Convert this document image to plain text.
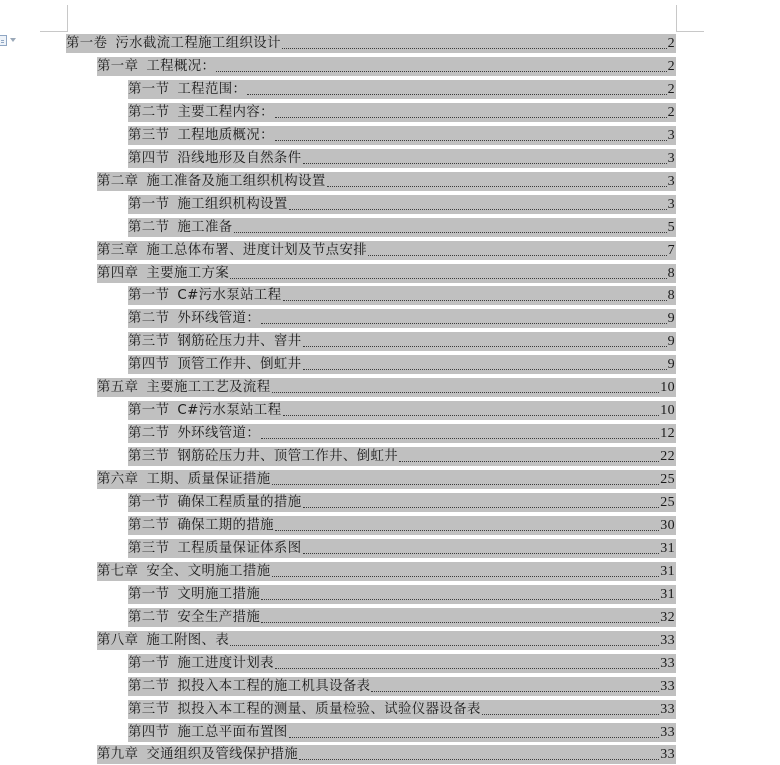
第一卷 污水截流工程施工组织设计	2
第一章 工程概况：	2
第一节 工程范围：	2
第二节 主要工程内容：	2
第三节 工程地质概况：	3
第四节 沿线地形及自然条件	3
第二章 施工准备及施工组织机构设置	3
第一节 施工组织机构设置	3
第二节 施工准备	5
第三章 施工总体布署、进度计划及节点安排	7
第四章 主要施工方案	8
第一节 C#污水泵站工程	8
第二节 外环线管道：	9
第三节 钢筋砼压力井、窨井	9
第四节 顶管工作井、倒虹井	9
第五章 主要施工工艺及流程	10
第一节 C#污水泵站工程	10
第二节 外环线管道：	12
第三节 钢筋砼压力井、顶管工作井、倒虹井	22
第六章 工期、质量保证措施	25
第一节 确保工程质量的措施	25
第二节 确保工期的措施	30
第三节 工程质量保证体系图	31
第七章 安全、文明施工措施	31
第一节 文明施工措施	31
第二节 安全生产措施	32
第八章 施工附图、表	33
第一节 施工进度计划表	33
第二节 拟投入本工程的施工机具设备表	33
第三节 拟投入本工程的测量、质量检验、试验仪器设备表	33
第四节 施工总平面布置图	33
第九章 交通组织及管线保护措施	33
